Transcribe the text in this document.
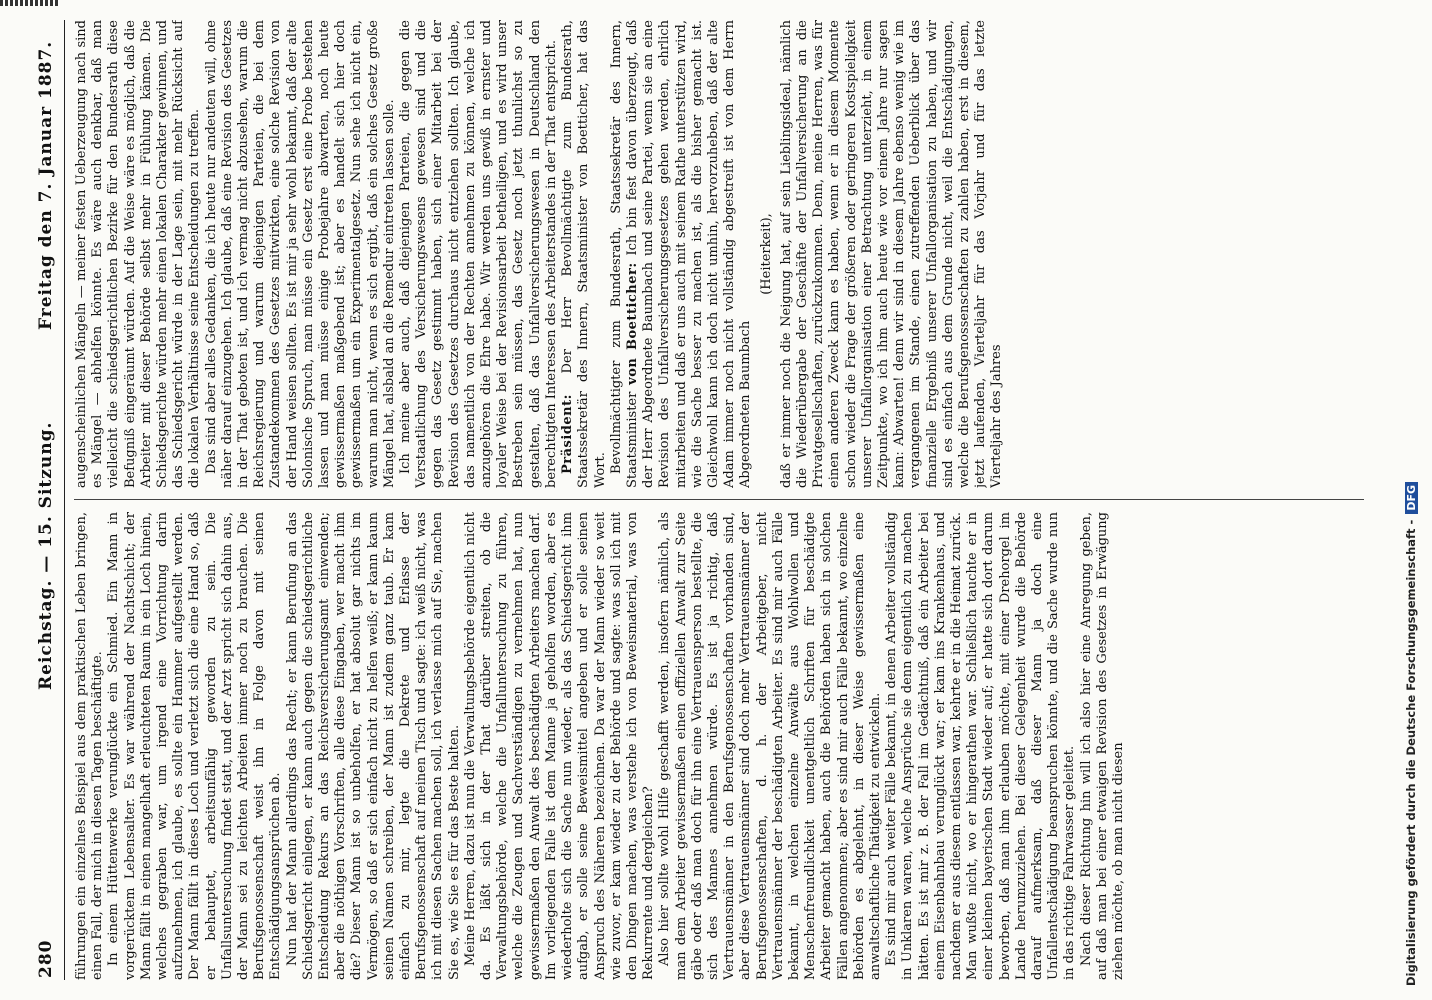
280
Reichstag. — 15. Sitzung.
Freitag den 7. Januar 1887.

führungen ein einzelnes Beispiel aus dem praktischen Leben bringen, einen Fall, der mich in diesen Tagen beschäftigte. In einem Hüttenwerke verunglückte ein Schmied. Ein Mann in vorgerücktem Lebensalter. Es war während der Nachtschicht; der Mann fällt in einen mangelhaft erleuchteten Raum in ein Loch hinein, welches gegraben war, um irgend eine Vorrichtung darin aufzunehmen, ich glaube, es sollte ein Hammer aufgestellt werden. Der Mann fällt in dieses Loch und verletzt sich die eine Hand so, daß er behauptet, arbeitsunfähig geworden zu sein. Die Unfallsuntersuchung findet statt, und der Arzt spricht sich dahin aus, der Mann sei zu leichten Arbeiten immer noch zu brauchen. Die Berufsgenossenschaft weist ihn in Folge davon mit seinen Entschädigungsansprüchen ab. Nun hat der Mann allerdings das Recht; er kann Berufung an das Schiedsgericht einlegen, er kann auch gegen die schiedsgerichtliche Entscheidung Rekurs an das Reichsversicherungsamt einwenden; aber die nöthigen Vorschriften, alle diese Eingaben, wer macht ihm die? Dieser Mann ist so unbeholfen, er hat absolut gar nichts im Vermögen, so daß er sich einfach nicht zu helfen weiß; er kann kaum seinen Namen schreiben, der Mann ist zudem ganz taub. Er kam einfach zu mir, legte die Dekrete und Erlasse der Berufsgenossenschaft auf meinen Tisch und sagte: ich weiß nicht, was ich mit diesen Sachen machen soll, ich verlasse mich auf Sie, machen Sie es, wie Sie es für das Beste halten. Meine Herren, dazu ist nun die Verwaltungsbehörde eigentlich nicht da. Es läßt sich in der That darüber streiten, ob die Verwaltungsbehörde, welche die Unfalluntersuchung zu führen, welche die Zeugen und Sachverständigen zu vernehmen hat, nun gewissermaßen den Anwalt des beschädigten Arbeiters machen darf. Im vorliegenden Falle ist dem Manne ja geholfen worden, aber es wiederholte sich die Sache nun wieder, als das Schiedsgericht ihm aufgab, er solle seine Beweismittel angeben und er solle seinen Anspruch des Näheren bezeichnen. Da war der Mann wieder so weit wie zuvor, er kam wieder zu der Behörde und sagte: was soll ich mit den Dingen machen, was verstehe ich von Beweismaterial, was von Rekurrente und dergleichen? Also hier sollte wohl Hilfe geschafft werden, insofern nämlich, als man dem Arbeiter gewissermaßen einen offiziellen Anwalt zur Seite gäbe oder daß man doch für ihn eine Vertrauensperson bestellte, die sich des Mannes annehmen würde. Es ist ja richtig, daß Vertrauensmänner in den Berufsgenossenschaften vorhanden sind, aber diese Vertrauensmänner sind doch mehr Vertrauensmänner der Berufsgenossenschaften, d. h. der Arbeitgeber, nicht Vertrauensmänner der beschädigten Arbeiter. Es sind mir auch Fälle bekannt, in welchen einzelne Anwälte aus Wohlwollen und Menschenfreundlichkeit unentgeltlich Schriften für beschädigte Arbeiter gemacht haben, auch die Behörden haben sich in solchen Fällen angenommen; aber es sind mir auch Fälle bekannt, wo einzelne Behörden es abgelehnt, in dieser Weise gewissermaßen eine anwaltschaftliche Thätigkeit zu entwickeln. Es sind mir auch weiter Fälle bekannt, in denen Arbeiter vollständig in Unklaren waren, welche Ansprüche sie denn eigentlich zu machen hätten. Es ist mir z. B. der Fall im Gedächtniß, daß ein Arbeiter bei einem Eisenbahnbau verunglückt war; er kam ins Krankenhaus, und nachdem er aus diesem entlassen war, kehrte er in die Heimat zurück. Man wußte nicht, wo er hingerathen war. Schließlich tauchte er in einer kleinen bayerischen Stadt wieder auf; er hatte sich dort darum beworben, daß man ihm erlauben möchte, mit einer Drehorgel im Lande herumzuziehen. Bei dieser Gelegenheit wurde die Behörde darauf aufmerksam, daß dieser Mann ja doch eine Unfallentschädigung beanspruchen könnte, und die Sache wurde nun in das richtige Fahrwasser geleitet. Nach dieser Richtung hin will ich also hier eine Anregung geben, auf daß man bei einer etwaigen Revision des Gesetzes in Erwägung ziehen möchte, ob man nicht diesen

augenscheinlichen Mängeln — meiner festen Ueberzeugung nach sind es Mängel — abhelfen könnte. Es wäre auch denkbar, daß man vielleicht die schiedsgerichtlichen Bezirke für den Bundesrath diese Befugniß eingeräumt würden. Auf die Weise wäre es möglich, daß die Arbeiter mit dieser Behörde selbst mehr in Fühlung kämen. Die Schiedsgerichte würden mehr einen lokalen Charakter gewinnen, und das Schiedsgericht würde in der Lage sein, mit mehr Rücksicht auf die lokalen Verhältnisse seine Entscheidungen zu treffen. Das sind aber alles Gedanken, die ich heute nur andeuten will, ohne näher darauf einzugehen. Ich glaube, daß eine Revision des Gesetzes in der That geboten ist, und ich vermag nicht abzusehen, warum die Reichsregierung und warum diejenigen Parteien, die bei dem Zustandekommen des Gesetzes mitwirkten, eine solche Revision von der Hand weisen sollten. Es ist mir ja sehr wohl bekannt, daß der alte Solonische Spruch, man müsse ein Gesetz erst eine Probe bestehen lassen und man müsse einige Probejahre abwarten, noch heute gewissermaßen maßgebend ist; aber es handelt sich hier doch gewissermaßen um ein Experimentalgesetz. Nun sehe ich nicht ein, warum man nicht, wenn es sich ergibt, daß ein solches Gesetz große Mängel hat, alsbald an die Remedur eintreten lassen solle. Ich meine aber auch, daß diejenigen Parteien, die gegen die Verstaatlichung des Versicherungswesens gewesen sind und die gegen das Gesetz gestimmt haben, sich einer Mitarbeit bei der Revision des Gesetzes durchaus nicht entziehen sollten. Ich glaube, das namentlich von der Rechten annehmen zu können, welche ich anzugehören die Ehre habe. Wir werden uns gewiß in ernster und loyaler Weise bei der Revisionsarbeit betheiligen, und es wird unser Bestreben sein müssen, das Gesetz noch jetzt thunlichst so zu gestalten, daß das Unfallversicherungswesen in Deutschland den berechtigten Interessen des Arbeiterstandes in der That entspricht. Präsident: Der Herr Bevollmächtigte zum Bundesrath, Staatssekretär des Innern, Staatsminister von Boetticher, hat das Wort. Bevollmächtigter zum Bundesrath, Staatssekretär des Innern, Staatsminister von Boetticher: Ich bin fest davon überzeugt, daß der Herr Abgeordnete Baumbach und seine Partei, wenn sie an eine Revision des Unfallversicherungsgesetzes gehen werden, ehrlich mitarbeiten und daß er uns auch mit seinem Rathe unterstützen wird, wie die Sache besser zu machen ist, als die bisher gemacht ist. Gleichwohl kann ich doch nicht umhin, hervorzuheben, daß der alte Adam immer noch nicht vollständig abgestreift ist von dem Herrn Abgeordneten Baumbach

(Heiterkeit), daß er immer noch die Neigung hat, auf sein Lieblingsideal, nämlich die Wiederübergabe der Geschäfte der Unfallversicherung an die Privatgesellschaften, zurückzukommen. Denn, meine Herren, was für einen anderen Zweck kann es haben, wenn er in diesem Momente schon wieder die Frage der größeren oder geringeren Kostspieligkeit unserer Unfallorganisation einer Betrachtung unterzieht, in einem Zeitpunkte, wo ich ihm auch heute wie vor einem Jahre nur sagen kann: Abwarten! denn wir sind in diesem Jahre ebenso wenig wie im vergangenen im Stande, einen zutreffenden Ueberblick über das finanzielle Ergebniß unserer Unfallorganisation zu haben, und wir sind es einfach aus dem Grunde nicht, weil die Entschädigungen, welche die Berufsgenossenschaften zu zahlen haben, erst in diesem, jetzt laufenden, Vierteljahr für das Vorjahr und für das letzte Vierteljahr des Jahres

Digitalisierung gefördert durch die Deutsche Forschungsgemeinschaft - DFG
